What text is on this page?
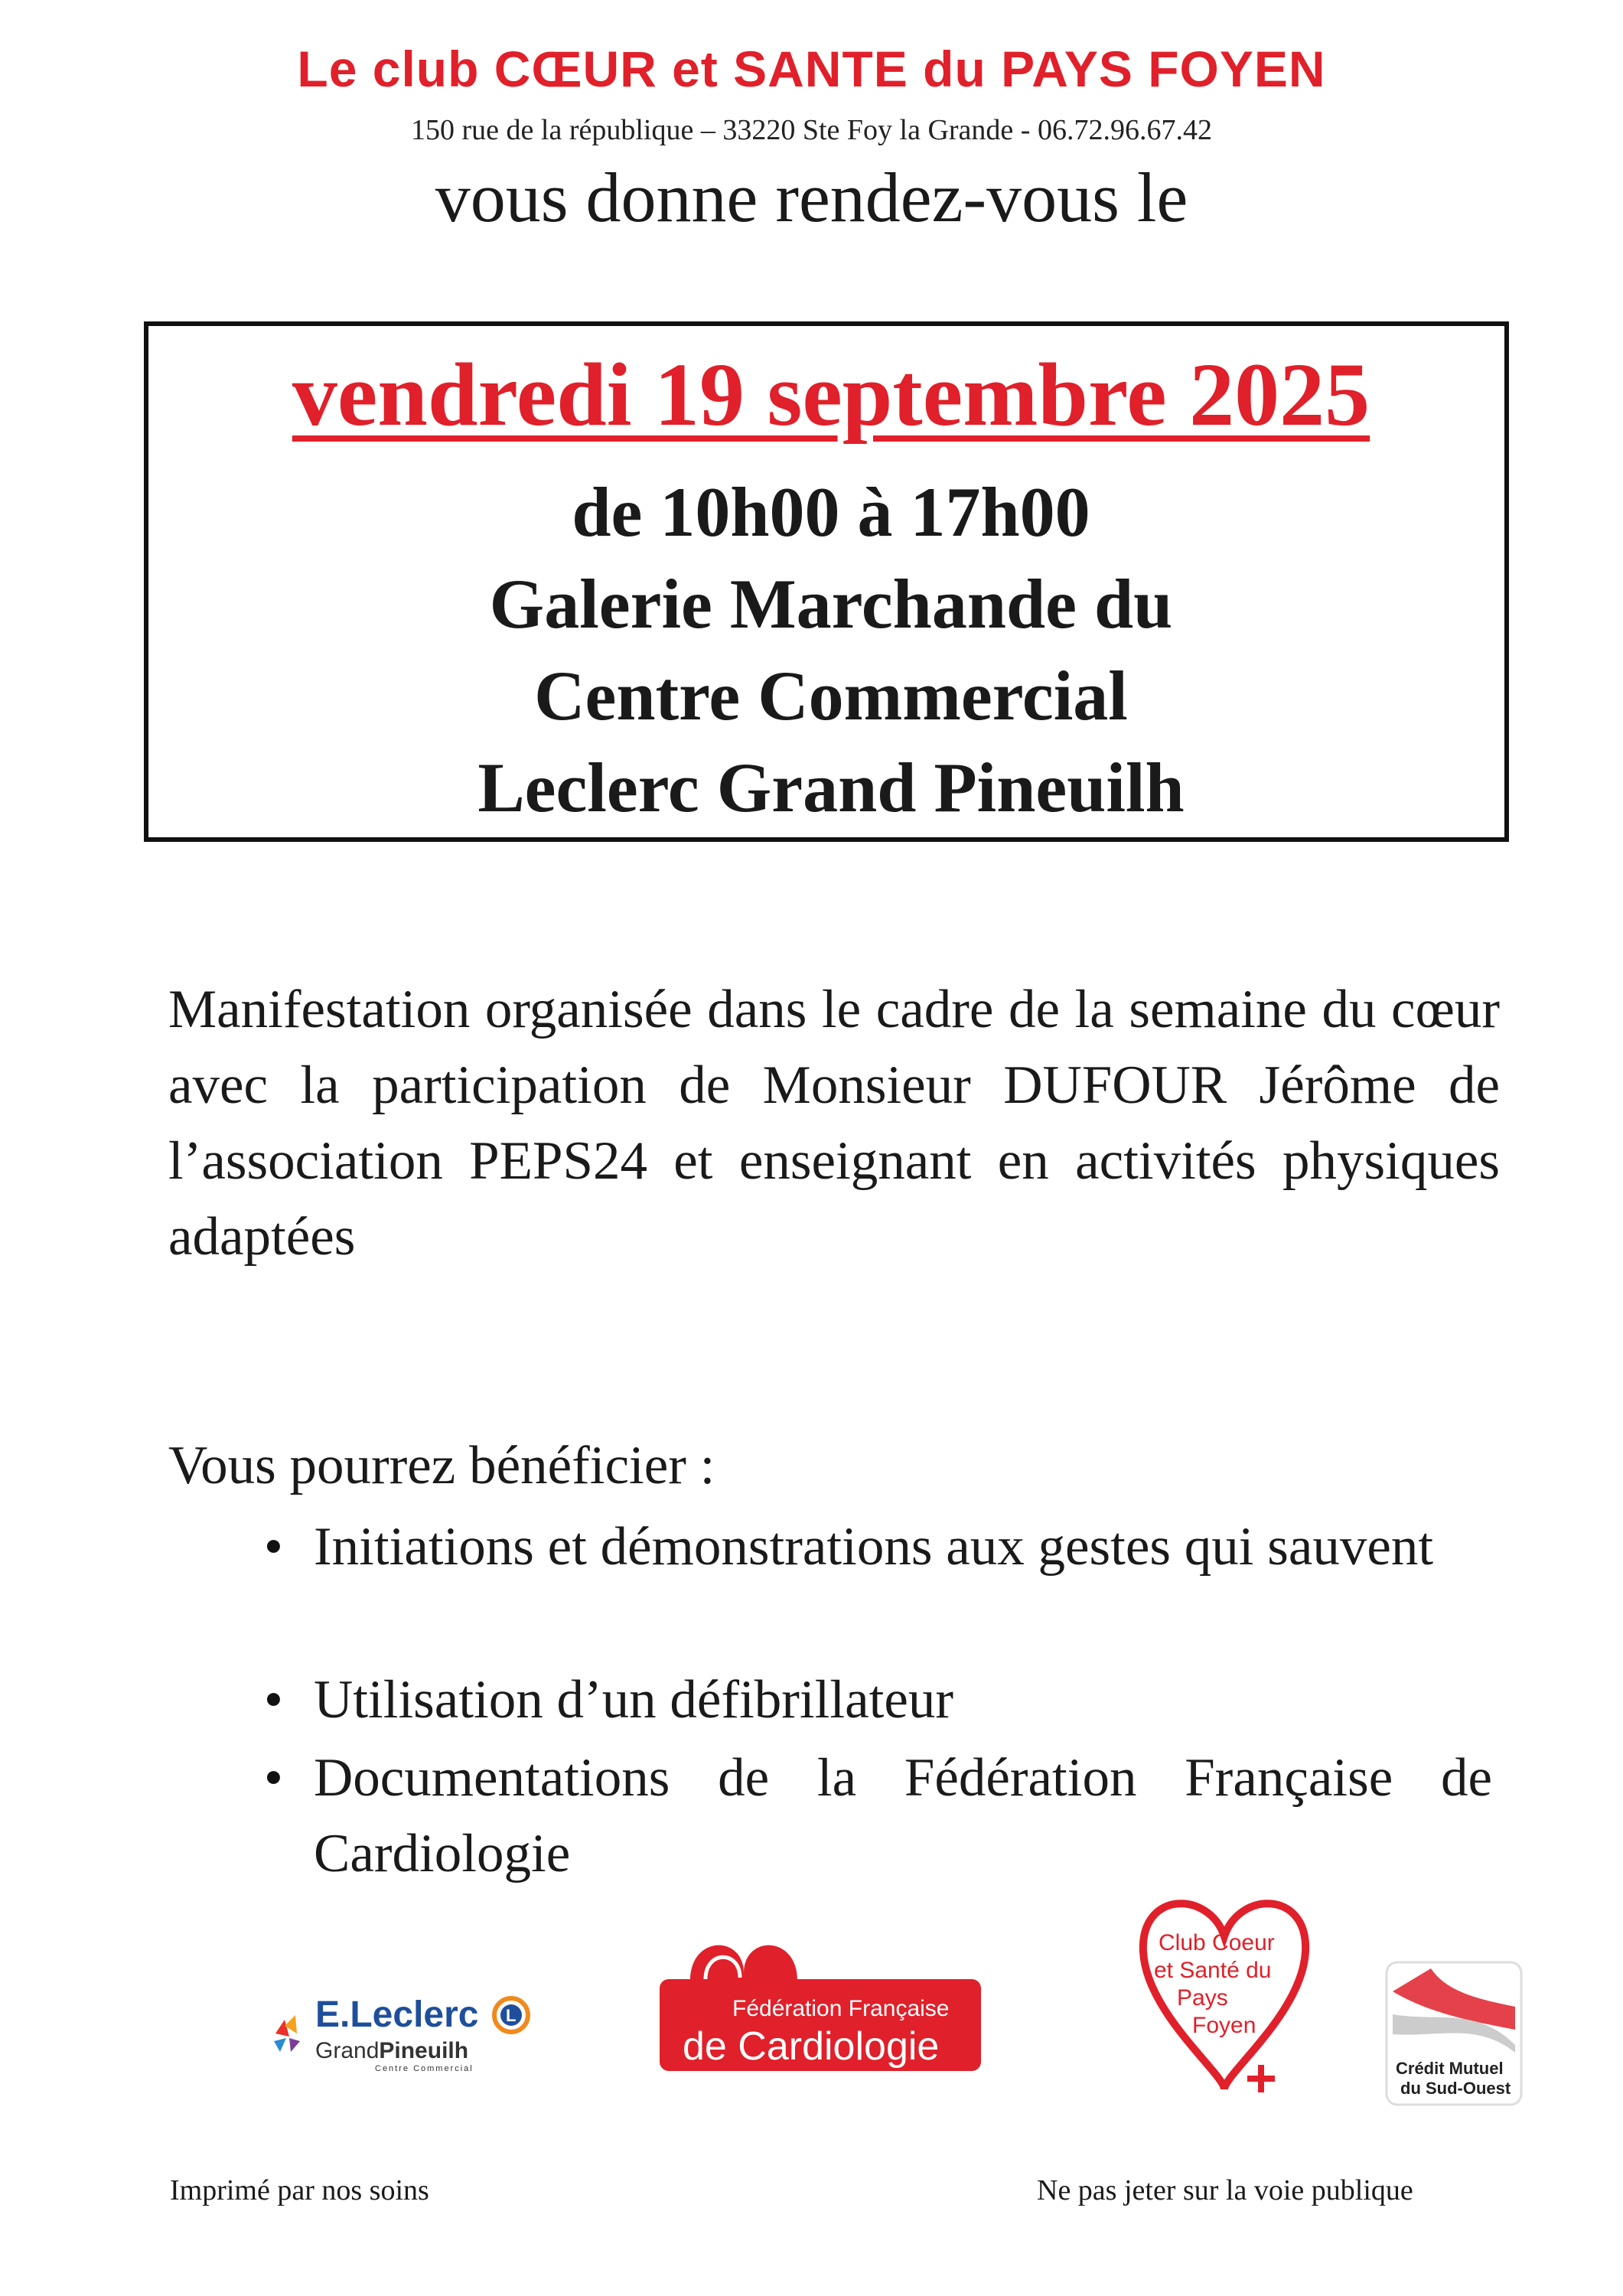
Le club CŒUR et SANTE du PAYS FOYEN
150 rue de la république – 33220 Ste Foy la Grande - 06.72.96.67.42
vous donne rendez-vous le
vendredi 19 septembre 2025
de 10h00 à 17h00
Galerie Marchande du
Centre Commercial
Leclerc Grand Pineuilh
Manifestation organisée dans le cadre de la semaine du cœur avec la participation de Monsieur DUFOUR Jérôme de l’association PEPS24 et enseignant en activités physiques adaptées
Vous pourrez bénéficier :
• Initiations et démonstrations aux gestes qui sauvent
• Utilisation d’un défibrillateur
• Documentations de la Fédération Française de Cardiologie
L
E.Leclerc
GrandPineuilh
Centre Commercial
Fédération Française
de Cardiologie
Club Coeur
et Santé du
Pays
Foyen
Crédit Mutuel
du Sud-Ouest
Imprimé par nos soins	Ne pas jeter sur la voie publique
